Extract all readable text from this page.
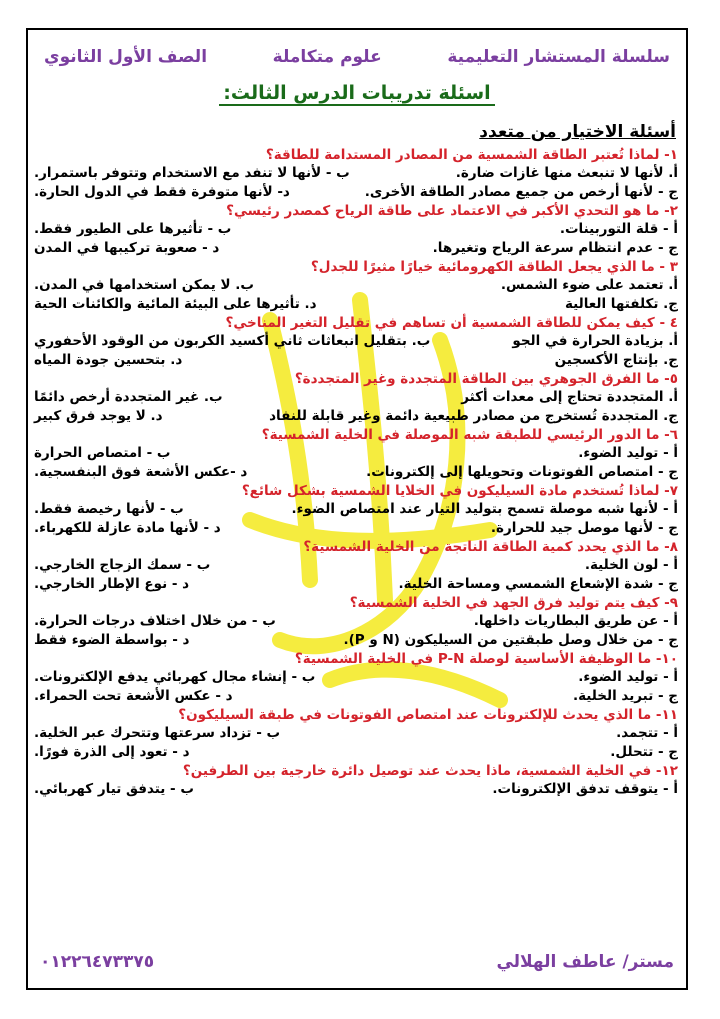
سلسلة المستشار التعليمية
علوم متكاملة
الصف الأول الثانوي
اسئلة تدريبات الدرس الثالث:
أسئلة الاختيار من متعدد
١- لماذا تُعتبر الطاقة الشمسية من المصادر المستدامة للطاقة؟
أ. لأنها لا تنبعث منها غازات ضارة.
ب - لأنها لا تنفد مع الاستخدام وتتوفر باستمرار.
ج - لأنها أرخص من جميع مصادر الطاقة الأخرى.
د- لأنها متوفرة فقط في الدول الحارة.
٢- ما هو التحدي الأكبر في الاعتماد على طاقة الرياح كمصدر رئيسي؟
أ - قلة التوربينات.
ب - تأثيرها على الطيور فقط.
ج - عدم انتظام سرعة الرياح وتغيرها.
د - صعوبة تركيبها في المدن
٣ - ما الذي يجعل الطاقة الكهرومائية خيارًا مثيرًا للجدل؟
أ. تعتمد على ضوء الشمس.
ب. لا يمكن استخدامها في المدن.
ج. تكلفتها العالية
د. تأثيرها على البيئة المائية والكائنات الحية
٤ - كيف يمكن للطاقة الشمسية أن تساهم في تقليل التغير المناخي؟
أ. بزيادة الحرارة في الجو
ب. بتقليل انبعاثات ثاني أكسيد الكربون من الوقود الأحفوري
ج. بإنتاج الأكسجين
د. بتحسين جودة المياه
٥- ما الفرق الجوهري بين الطاقة المتجددة وغير المتجددة؟
أ. المتجددة تحتاج إلى معدات أكثر
ب. غير المتجددة أرخص دائمًا
ج. المتجددة تُستخرج من مصادر طبيعية دائمة وغير قابلة للنفاد
د. لا يوجد فرق كبير
٦- ما الدور الرئيسي للطبقة شبه الموصلة في الخلية الشمسية؟
أ - توليد الضوء.
ب - امتصاص الحرارة
ج - امتصاص الفوتونات وتحويلها إلى إلكترونات.
د -عكس الأشعة فوق البنفسجية.
٧- لماذا تُستخدم مادة السيليكون في الخلايا الشمسية بشكل شائع؟
أ - لأنها شبه موصلة تسمح بتوليد التيار عند امتصاص الضوء.
ب - لأنها رخيصة فقط.
ج - لأنها موصل جيد للحرارة.
د - لأنها مادة عازلة للكهرباء.
٨- ما الذي يحدد كمية الطاقة الناتجة من الخلية الشمسية؟
أ - لون الخلية.
ب - سمك الزجاج الخارجي.
ج - شدة الإشعاع الشمسي ومساحة الخلية.
د - نوع الإطار الخارجي.
٩- كيف يتم توليد فرق الجهد في الخلية الشمسية؟
أ - عن طريق البطاريات داخلها.
ب - من خلال اختلاف درجات الحرارة.
ج - من خلال وصل طبقتين من السيليكون (N و P).
د - بواسطة الضوء فقط
١٠- ما الوظيفة الأساسية لوصلة P-N في الخلية الشمسية؟
أ - توليد الضوء.
ب - إنشاء مجال كهربائي يدفع الإلكترونات.
ج - تبريد الخلية.
د - عكس الأشعة تحت الحمراء.
١١- ما الذي يحدث للإلكترونات عند امتصاص الفوتونات في طبقة السيليكون؟
أ - تتجمد.
ب - تزداد سرعتها وتتحرك عبر الخلية.
ج - تتحلل.
د - تعود إلى الذرة فورًا.
١٢- في الخلية الشمسية، ماذا يحدث عند توصيل دائرة خارجية بين الطرفين؟
أ - يتوقف تدفق الإلكترونات.
ب - يتدفق تيار كهربائي.
مستر/ عاطف الهلالي
٠١٢٢٦٤٧٣٣٧٥
